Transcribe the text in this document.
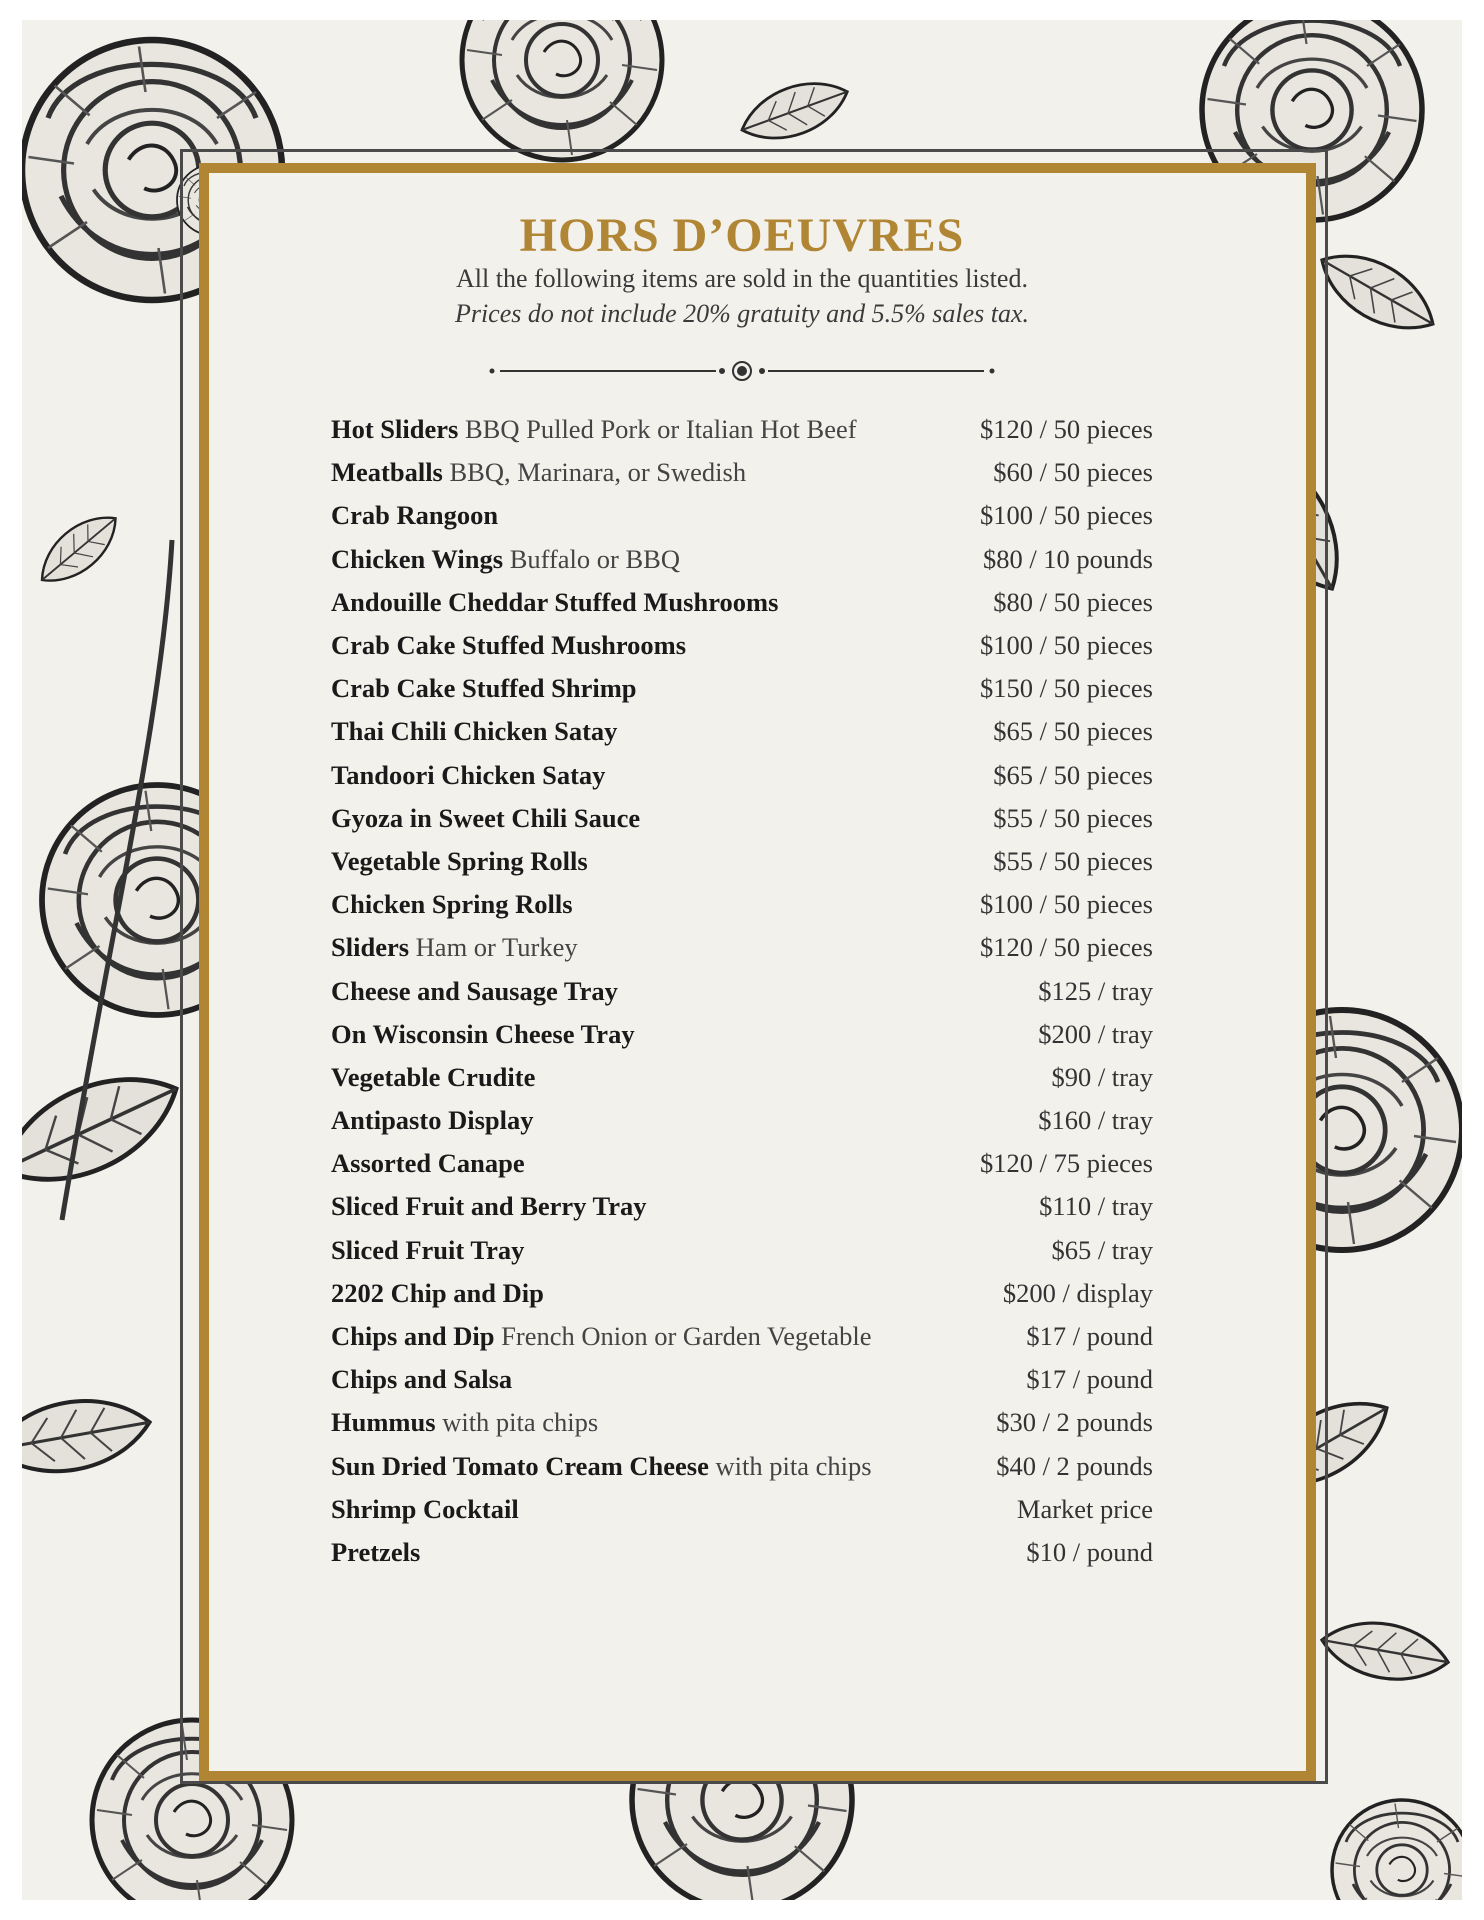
HORS D’OEUVRES
All the following items are sold in the quantities listed.
Prices do not include 20% gratuity and 5.5% sales tax.
Hot Sliders BBQ Pulled Pork or Italian Hot Beef	$120 / 50 pieces
Meatballs BBQ, Marinara, or Swedish	$60 / 50 pieces
Crab Rangoon	$100 / 50 pieces
Chicken Wings Buffalo or BBQ	$80 / 10 pounds
Andouille Cheddar Stuffed Mushrooms	$80 / 50 pieces
Crab Cake Stuffed Mushrooms	$100 / 50 pieces
Crab Cake Stuffed Shrimp	$150 / 50 pieces
Thai Chili Chicken Satay	$65 / 50 pieces
Tandoori Chicken Satay	$65 / 50 pieces
Gyoza in Sweet Chili Sauce	$55 / 50 pieces
Vegetable Spring Rolls	$55 / 50 pieces
Chicken Spring Rolls	$100 / 50 pieces
Sliders Ham or Turkey	$120 / 50 pieces
Cheese and Sausage Tray	$125 / tray
On Wisconsin Cheese Tray	$200 / tray
Vegetable Crudite	$90 / tray
Antipasto Display	$160 / tray
Assorted Canape	$120 / 75 pieces
Sliced Fruit and Berry Tray	$110 / tray
Sliced Fruit Tray	$65 / tray
2202 Chip and Dip	$200 / display
Chips and Dip French Onion or Garden Vegetable	$17 / pound
Chips and Salsa	$17 / pound
Hummus with pita chips	$30 / 2 pounds
Sun Dried Tomato Cream Cheese with pita chips	$40 / 2 pounds
Shrimp Cocktail	Market price
Pretzels	$10 / pound
